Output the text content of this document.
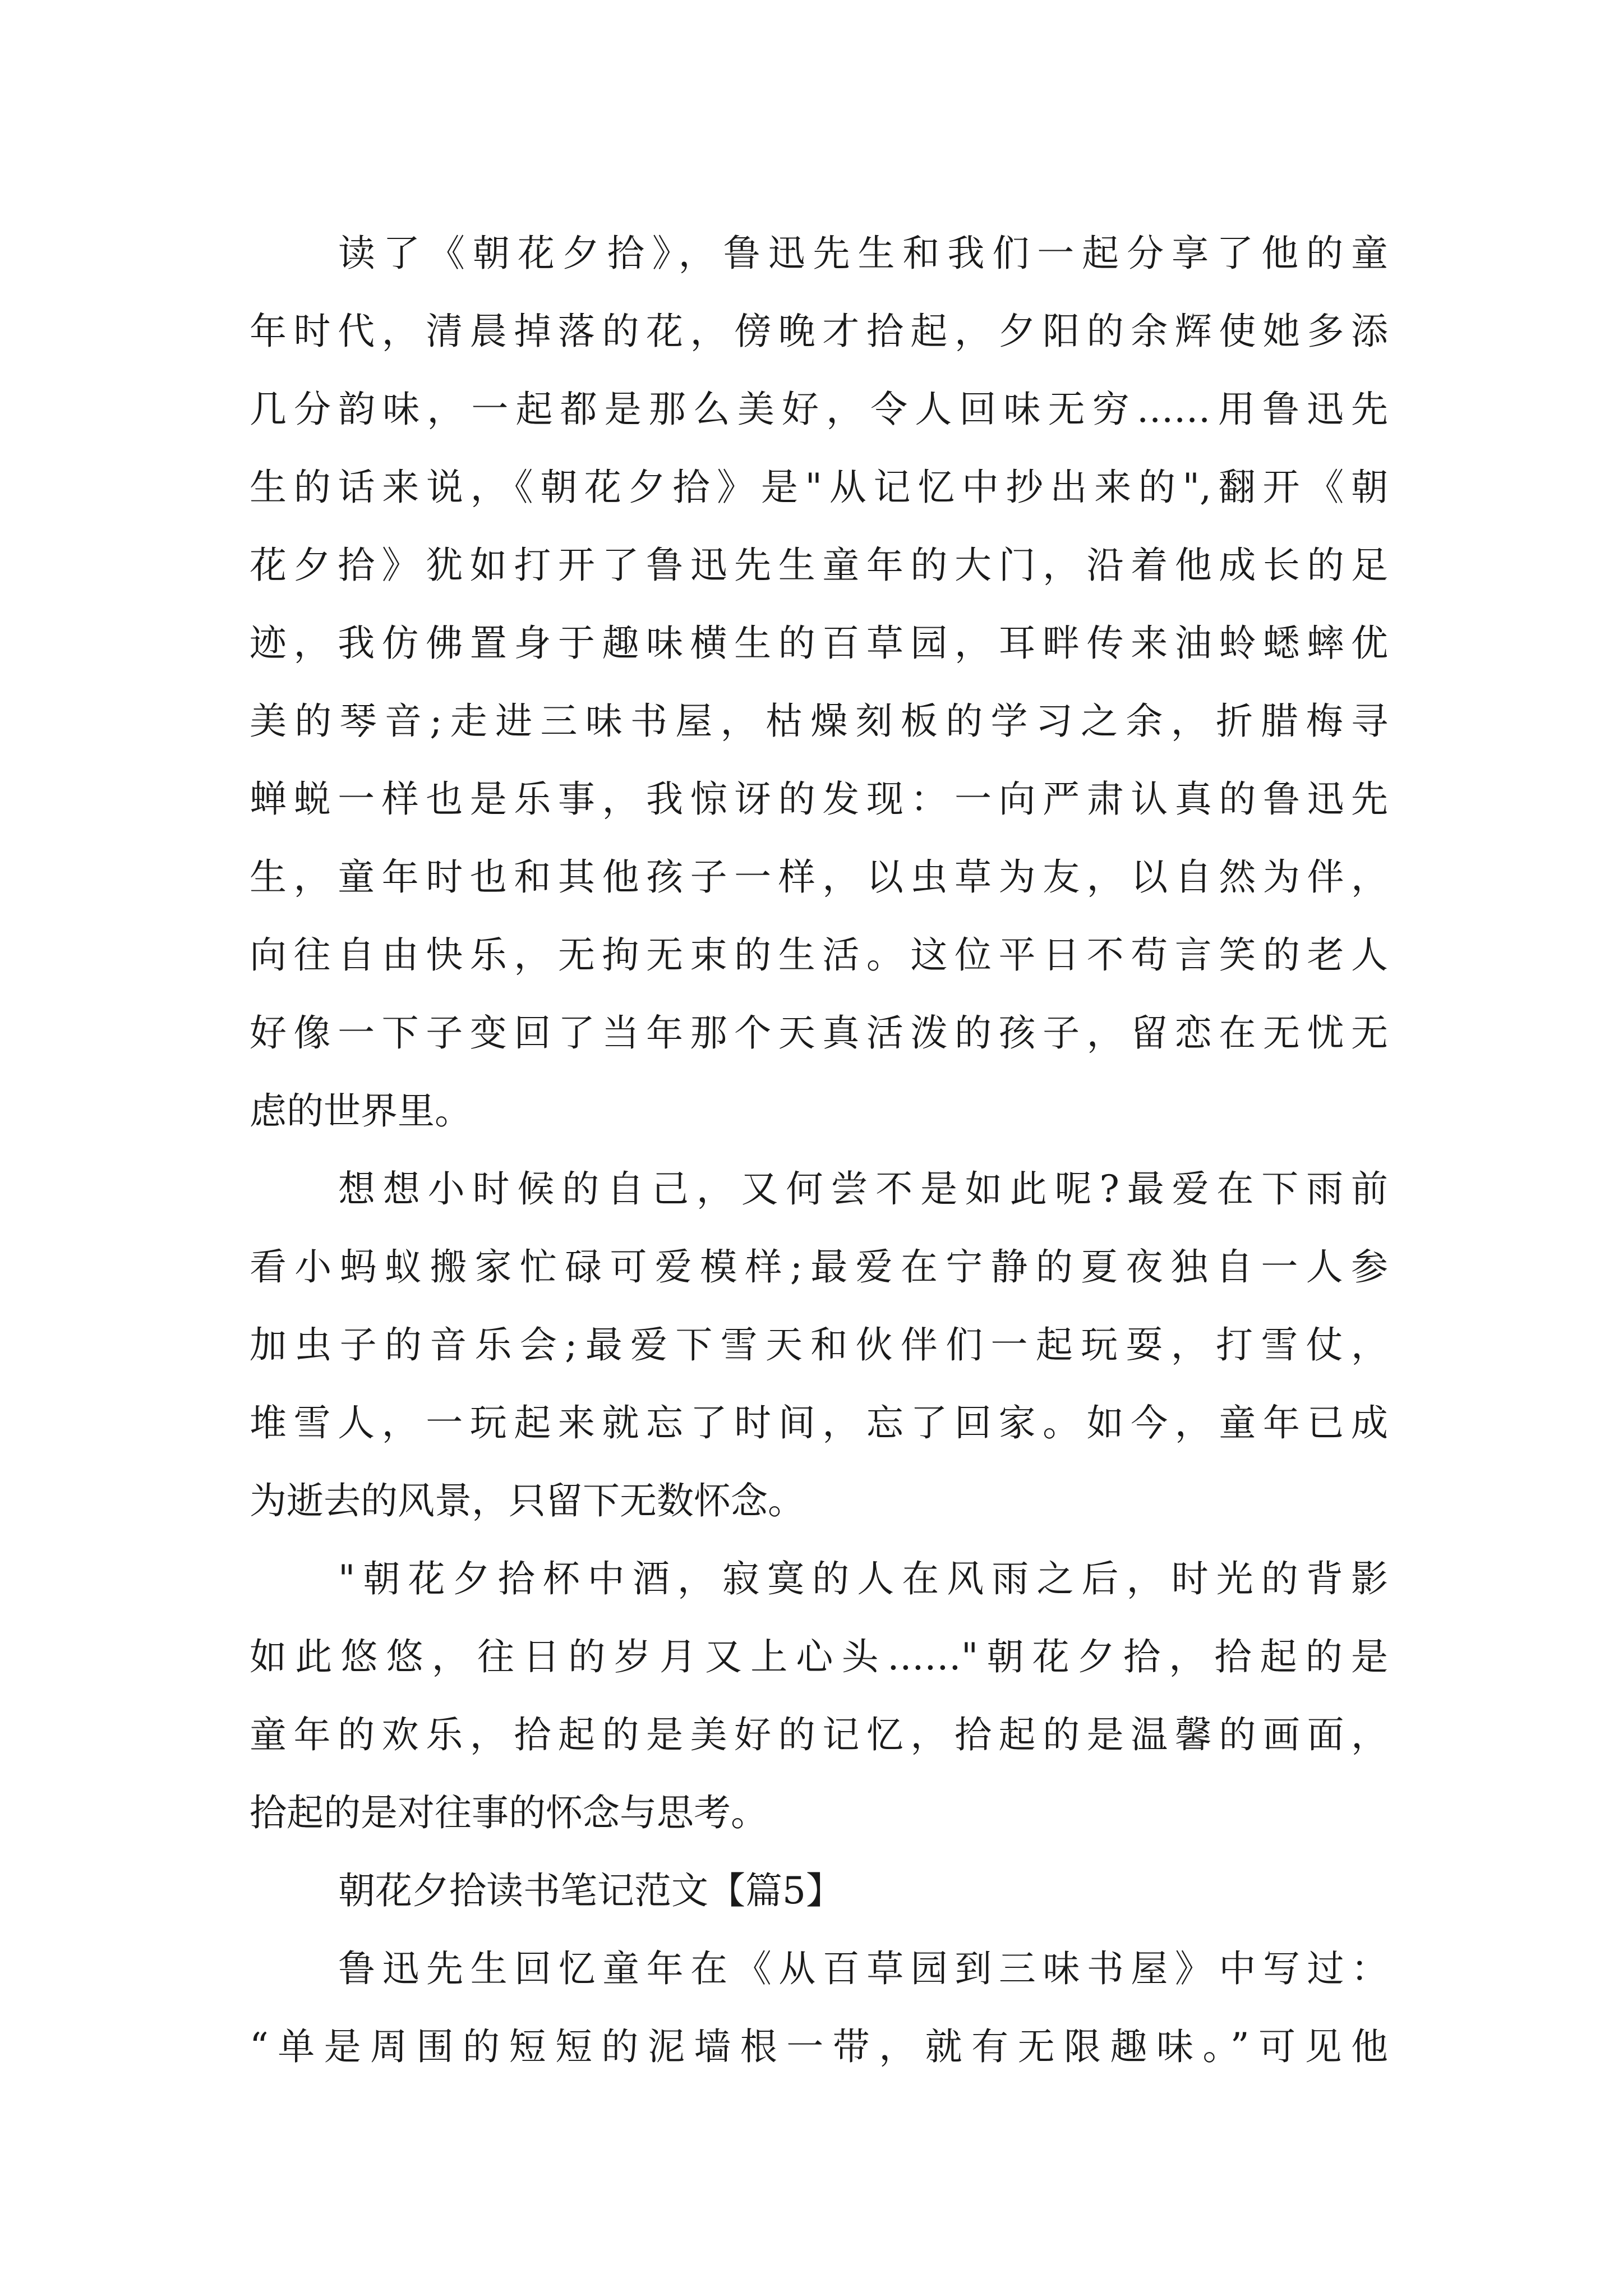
读了《朝花夕拾》，鲁迅先生和我们一起分享了他的童
年时代，清晨掉落的花，傍晚才拾起，夕阳的余辉使她多添
几分韵味，一起都是那么美好，令人回味无穷……用鲁迅先
生的话来说，《朝花夕拾》是"从记忆中抄出来的",翻开《朝
花夕拾》犹如打开了鲁迅先生童年的大门，沿着他成长的足
迹，我仿佛置身于趣味横生的百草园，耳畔传来油蛉蟋蟀优
美的琴音;走进三味书屋，枯燥刻板的学习之余，折腊梅寻
蝉蜕一样也是乐事，我惊讶的发现：一向严肃认真的鲁迅先
生，童年时也和其他孩子一样，以虫草为友，以自然为伴，
向往自由快乐，无拘无束的生活。这位平日不苟言笑的老人
好像一下子变回了当年那个天真活泼的孩子，留恋在无忧无
虑的世界里。
想想小时候的自己，又何尝不是如此呢?最爱在下雨前
看小蚂蚁搬家忙碌可爱模样;最爱在宁静的夏夜独自一人参
加虫子的音乐会;最爱下雪天和伙伴们一起玩耍，打雪仗，
堆雪人，一玩起来就忘了时间，忘了回家。如今，童年已成
为逝去的风景，只留下无数怀念。
"朝花夕拾杯中酒，寂寞的人在风雨之后，时光的背影
如此悠悠，往日的岁月又上心头……"朝花夕拾，拾起的是
童年的欢乐，拾起的是美好的记忆，拾起的是温馨的画面，
拾起的是对往事的怀念与思考。
朝花夕拾读书笔记范文【篇5】
鲁迅先生回忆童年在《从百草园到三味书屋》中写过：
“单是周围的短短的泥墙根一带，就有无限趣味。”可见他
